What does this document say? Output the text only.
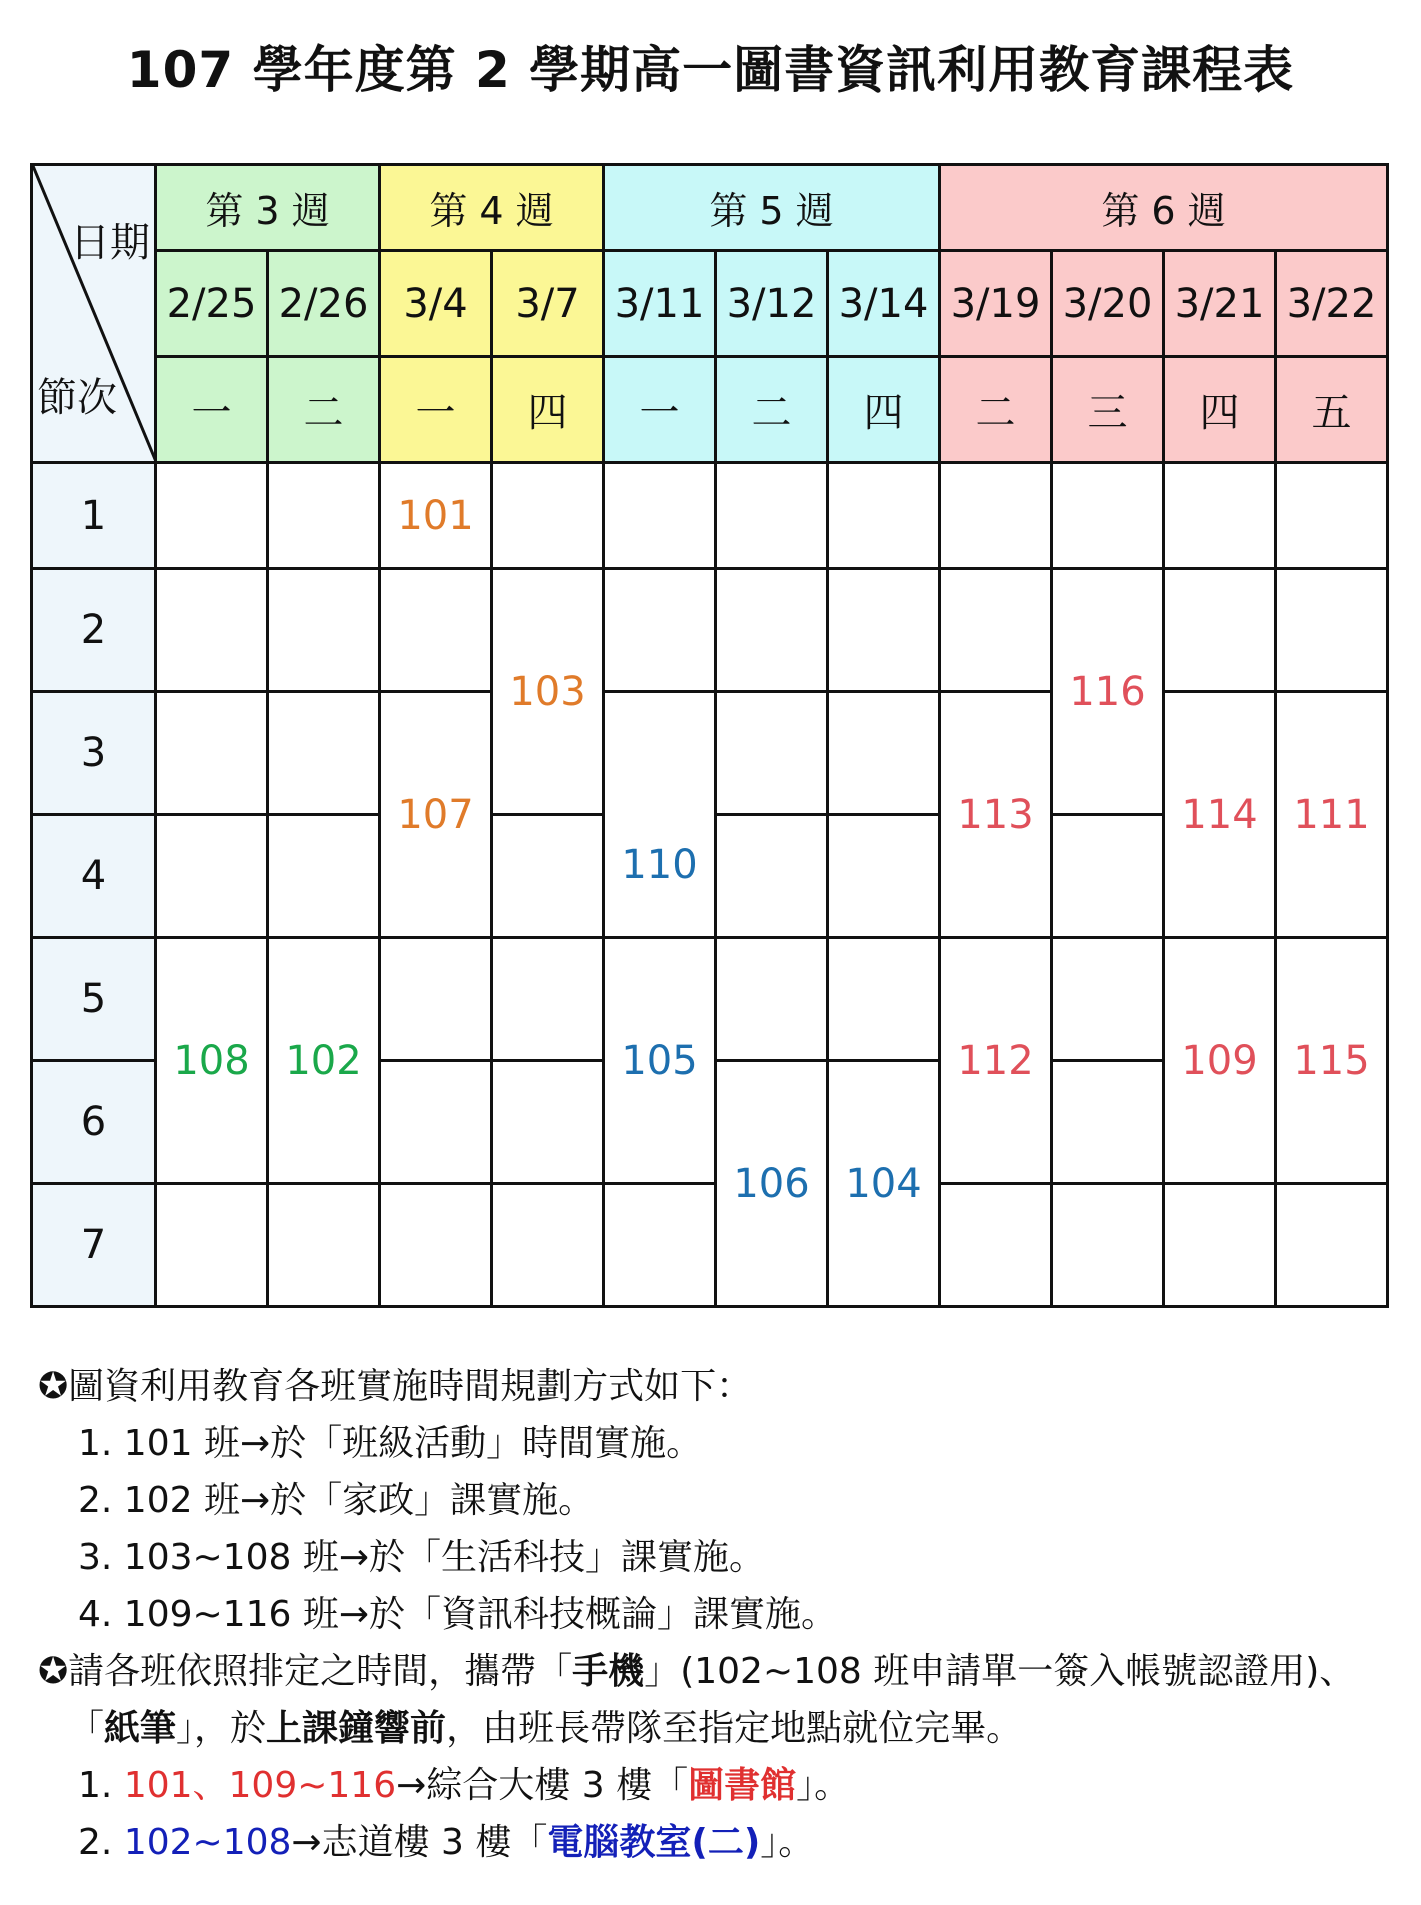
107 學年度第 2 學期高一圖書資訊利用教育課程表
日期
節次	第 3 週		第 4 週		第 5 週			第 6 週			
	2/25	2/26	3/4	3/7	3/11	3/12	3/14	3/19	3/20	3/21	3/22
	一	二	一	四	一	二	四	二	三	四	五
1			101								
2				103					116		
3			107		110			113		114	111
4											
5	108	102			105			112		109	115
6						106	104				
7											

✪圖資利用教育各班實施時間規劃方式如下：

1. 101 班→於「班級活動」時間實施。

2. 102 班→於「家政」課實施。

3. 103~108 班→於「生活科技」課實施。

4. 109~116 班→於「資訊科技概論」課實施。

✪請各班依照排定之時間，攜帶「手機」(102~108 班申請單一簽入帳號認證用)、

「紙筆」，於上課鐘響前，由班長帶隊至指定地點就位完畢。

1. 101、109~116→綜合大樓 3 樓「圖書館」。

2. 102~108→志道樓 3 樓「電腦教室(二)」。
